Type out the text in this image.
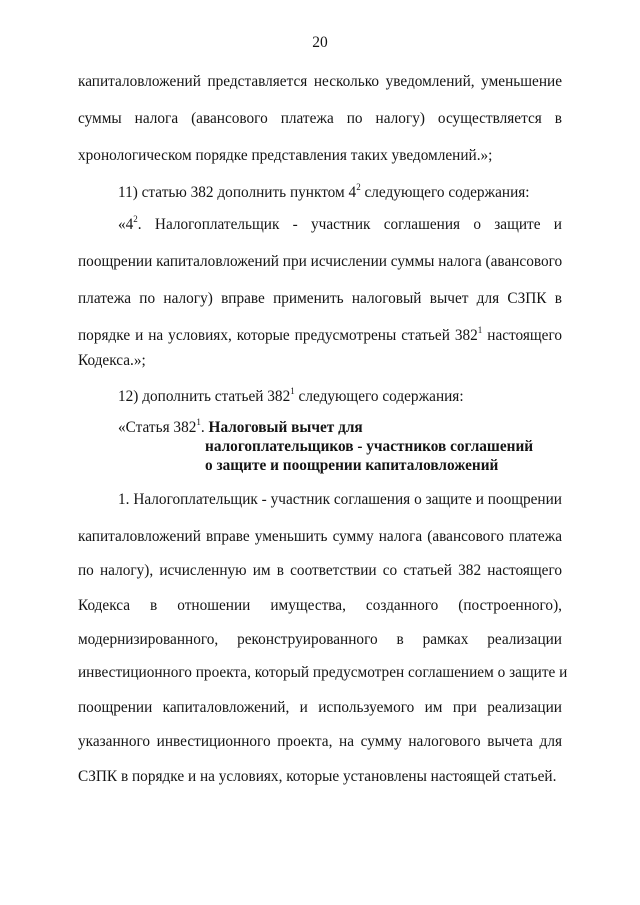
20
капиталовложений представляется несколько уведомлений, уменьшение
суммы налога (авансового платежа по налогу) осуществляется в
хронологическом порядке представления таких уведомлений.»;
11) статью 382 дополнить пунктом $4^2$ следующего содержания:
«$4^2$. Налогоплательщик - участник соглашения о защите и
поощрении капиталовложений при исчислении суммы налога (авансового
платежа по налогу) вправе применить налоговый вычет для СЗПК в
порядке и на условиях, которые предусмотрены статьей $382^1$ настоящего
Кодекса.»;
12) дополнить статьей $382^1$ следующего содержания:
«Статья $382^1$. Налоговый вычет для
налогоплательщиков - участников соглашений
о защите и поощрении капиталовложений
1. Налогоплательщик - участник соглашения о защите и поощрении
капиталовложений вправе уменьшить сумму налога (авансового платежа
по налогу), исчисленную им в соответствии со статьей 382 настоящего
Кодекса в отношении имущества, созданного (построенного),
модернизированного, реконструированного в рамках реализации
инвестиционного проекта, который предусмотрен соглашением о защите и
поощрении капиталовложений, и используемого им при реализации
указанного инвестиционного проекта, на сумму налогового вычета для
СЗПК в порядке и на условиях, которые установлены настоящей статьей.
